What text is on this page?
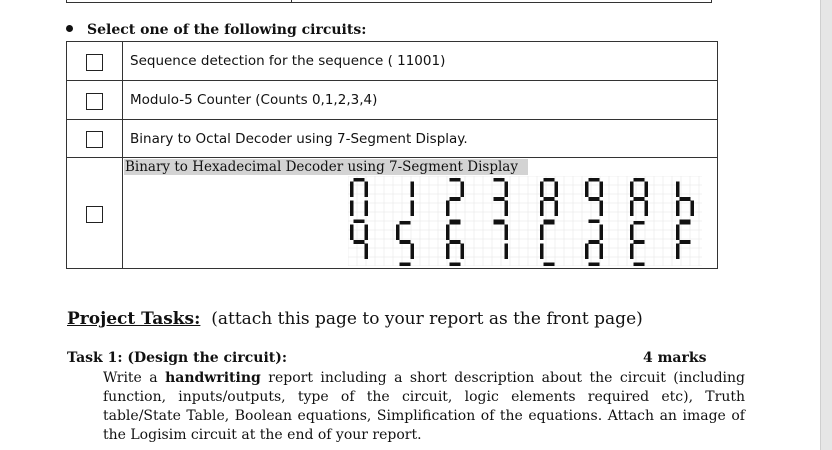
Select one of the following circuits:
	Sequence detection for the sequence ( 11001)
	Modulo-5 Counter (Counts 0,1,2,3,4)
	Binary to Octal Decoder using 7-Segment Display.
	Binary to Hexadecimal Decoder using 7-Segment Display
Project Tasks: (attach this page to your report as the front page)
Task 1: (Design the circuit):	4 marks
Write a handwriting report including a short description about the circuit (including function, inputs/outputs, type of the circuit, logic elements required etc), Truth table/State Table, Boolean equations, Simplification of the equations. Attach an image of the Logisim circuit at the end of your report.
